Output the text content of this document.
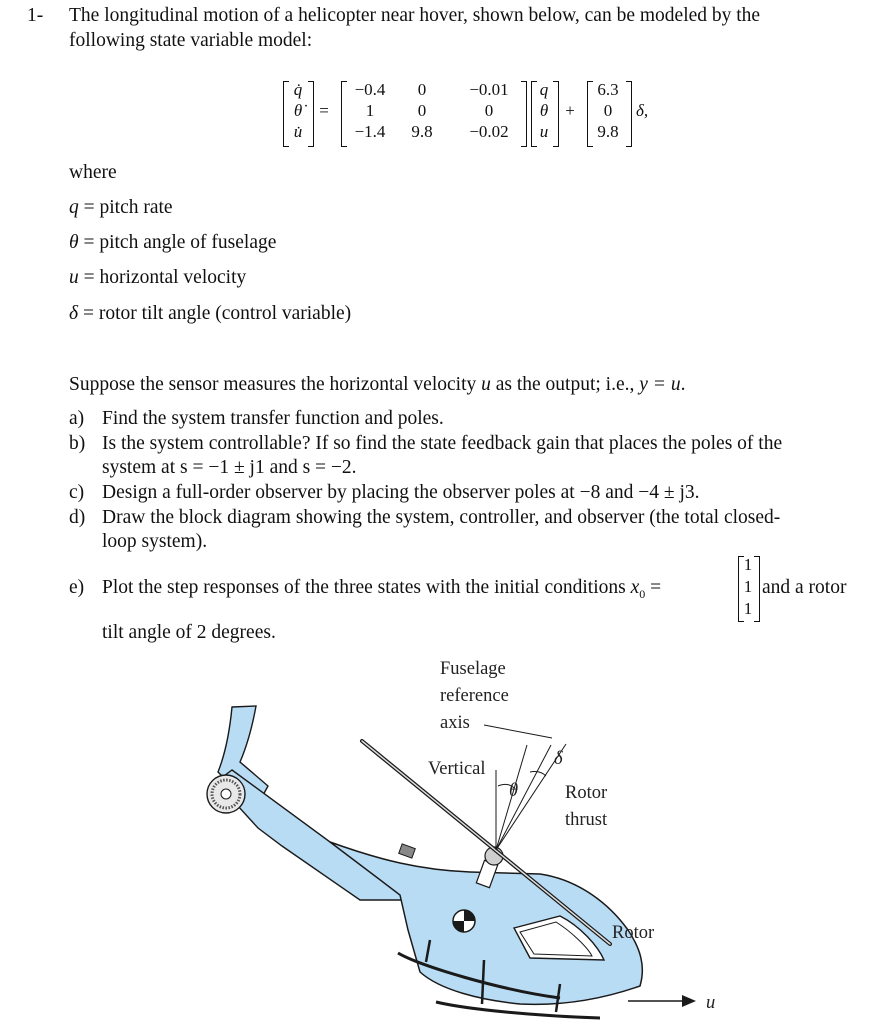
1- The longitudinal motion of a helicopter near hover, shown below, can be modeled by the
following state variable model:
q̇
θ̇
u̇
=
−0.4	0	−0.01
1	0	0
−1.4	9.8	−0.02
q
θ
u
+
6.3
0
9.8
δ,
where
q = pitch rate
θ = pitch angle of fuselage
u = horizontal velocity
δ = rotor tilt angle (control variable)
Suppose the sensor measures the horizontal velocity u as the output; i.e., y = u.
a) Find the system transfer function and poles.
b) Is the system controllable? If so find the state feedback gain that places the poles of the
system at s = −1 ± j1 and s = −2.
c) Design a full-order observer by placing the observer poles at −8 and −4 ± j3.
d) Draw the block diagram showing the system, controller, and observer (the total closed-
loop system).
e) Plot the step responses of the three states with the initial conditions $x_0$ =
1
1
1
and a rotor
tilt angle of 2 degrees.
Fuselage
reference
axis
Vertical
θ
δ
Rotor
thrust
Rotor
u
